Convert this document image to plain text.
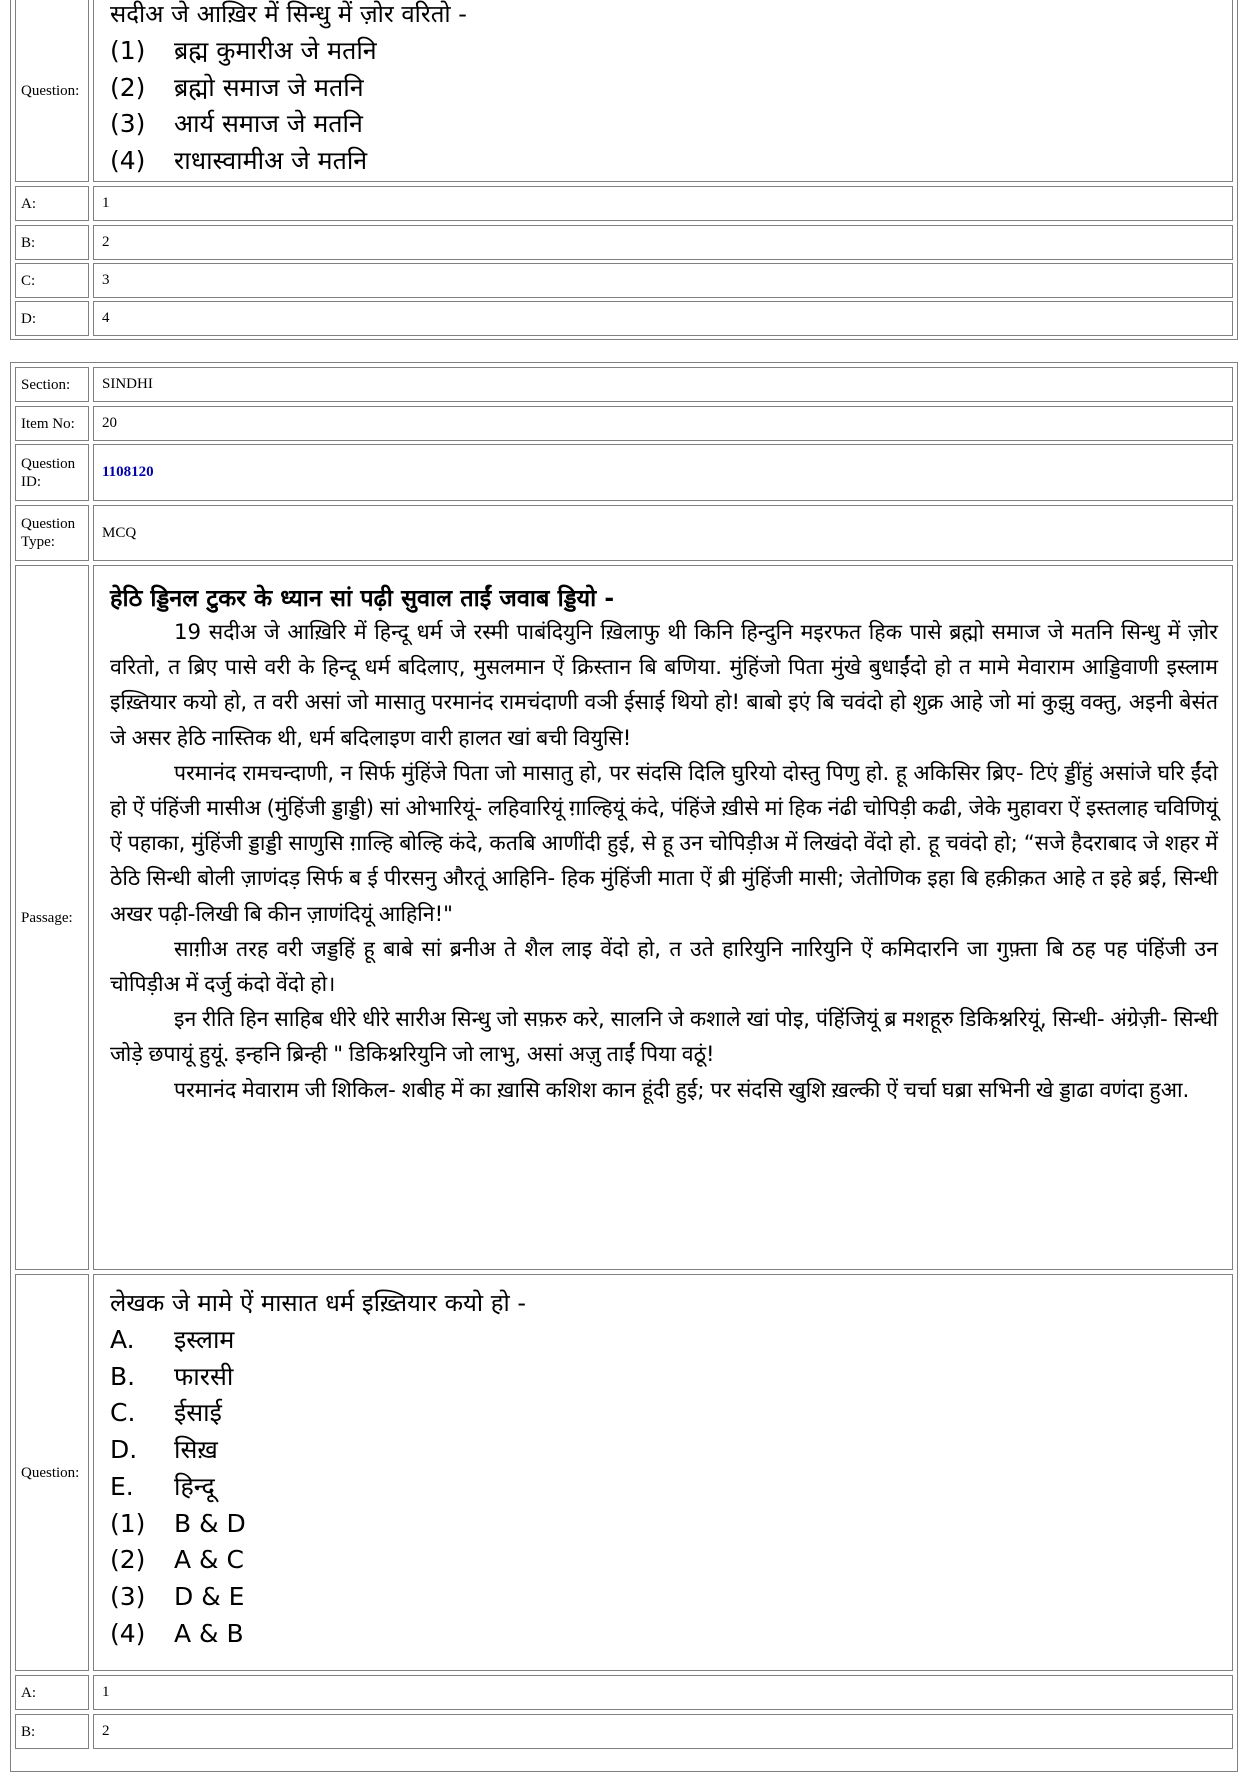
Question:
सदीअ जे आख़िर में सिन्धु में ज़ोर वरितो -
(1)	ब्रह्म कुमारीअ जे मतनि
(2)	ब्रह्मो समाज जे मतनि
(3)	आर्य समाज जे मतनि
(4)	राधास्वामीअ जे मतनि
A:	1
B:	2
C:	3
D:	4
Section:	SINDHI
Item No:	20
Question ID:
1108120
Question Type:
MCQ
Passage:

हेठि ड्डिनल टुकर के ध्यान सां पढ़ी सुवाल ताईं जवाब ड्डियो -

19 सदीअ जे आख़िरि में हिन्दू धर्म जे रस्मी पाबंदियुनि ख़िलाफु थी किनि हिन्दुनि मइरफत हिक पासे ब्रह्मो समाज जे मतनि सिन्धु में ज़ोर वरितो, त ब्रिए पासे वरी के हिन्दू धर्म बदिलाए, मुसलमान ऐं क्रिस्तान बि बणिया. मुंहिंजो पिता मुंखे बुधाईंदो हो त मामे मेवाराम आड्डिवाणी इस्लाम इख़्तियार कयो हो, त वरी असां जो मासातु परमानंद रामचंदाणी वञी ईसाई थियो हो! बाबो इएं बि चवंदो हो शुक्र आहे जो मां कुझु वक्तु, अइनी बेसंत जे असर हेठि नास्तिक थी, धर्म बदिलाइण वारी हालत खां बची वियुसि!

परमानंद रामचन्दाणी, न सिर्फ मुंहिंजे पिता जो मासातु हो, पर संदसि दिलि घुरियो दोस्तु पिणु हो. हू अकिसिर ब्रिए- टिएं ड्डींहुं असांजे घरि ईंदो हो ऐं पंहिंजी मासीअ (मुंहिंजी ड्डाड्डी) सां ओभारियूं- लहिवारियूं ग़ाल्हियूं कंदे, पंहिंजे ख़ीसे मां हिक नंढी चोपिड़ी कढी, जेके मुहावरा ऐं इस्तलाह चविणियूं ऐं पहाका, मुंहिंजी ड्डाड्डी साणुसि ग़ाल्हि बोल्हि कंदे, कतबि आणींदी हुई, से हू उन चोपिड़ीअ में लिखंदो वेंदो हो. हू चवंदो हो; “सजे हैदराबाद जे शहर में ठेठि सिन्धी बोली ज़ाणंदड़ सिर्फ ब ई पीरसनु औरतूं आहिनि- हिक मुंहिंजी माता ऐं ब्री मुंहिंजी मासी; जेतोणिक इहा बि हक़ीक़त आहे त इहे ब्रई, सिन्धी अखर पढ़ी-लिखी बि कीन ज़ाणंदियूं आहिनि!"

साग़ीअ तरह वरी जड्डहिं हू बाबे सां ब्रनीअ ते शैल लाइ वेंदो हो, त उते हारियुनि नारियुनि ऐं कमिदारनि जा गुफ़्ता बि ठह पह पंहिंजी उन चोपिड़ीअ में दर्जु कंदो वेंदो हो।

इन रीति हिन साहिब धीरे धीरे सारीअ सिन्धु जो सफ़रु करे, सालनि जे कशाले खां पोइ, पंहिंजियूं ब्र मशहूरु डिकिश्नरियूं, सिन्धी- अंग्रेज़ी- सिन्धी जोड़े छपायूं हुयूं. इन्हनि ब्रिन्ही " डिकिश्नरियुनि जो लाभु, असां अज़ु ताईं पिया वठूं!

परमानंद मेवाराम जी शिकिल- शबीह में का ख़ासि कशिश कान हूंदी हुई; पर संदसि खुशि ख़ल्की ऐं चर्चा घब्रा सभिनी खे ड्डाढा वणंदा हुआ.

Question:
लेखक जे मामे ऐं मासात धर्म इख़्तियार कयो हो -
A.	इस्लाम
B.	फारसी
C.	ईसाई
D.	सिख़
E.	हिन्दू
(1)	B & D
(2)	A & C
(3)	D & E
(4)	A & B
A:	1
B:	2
